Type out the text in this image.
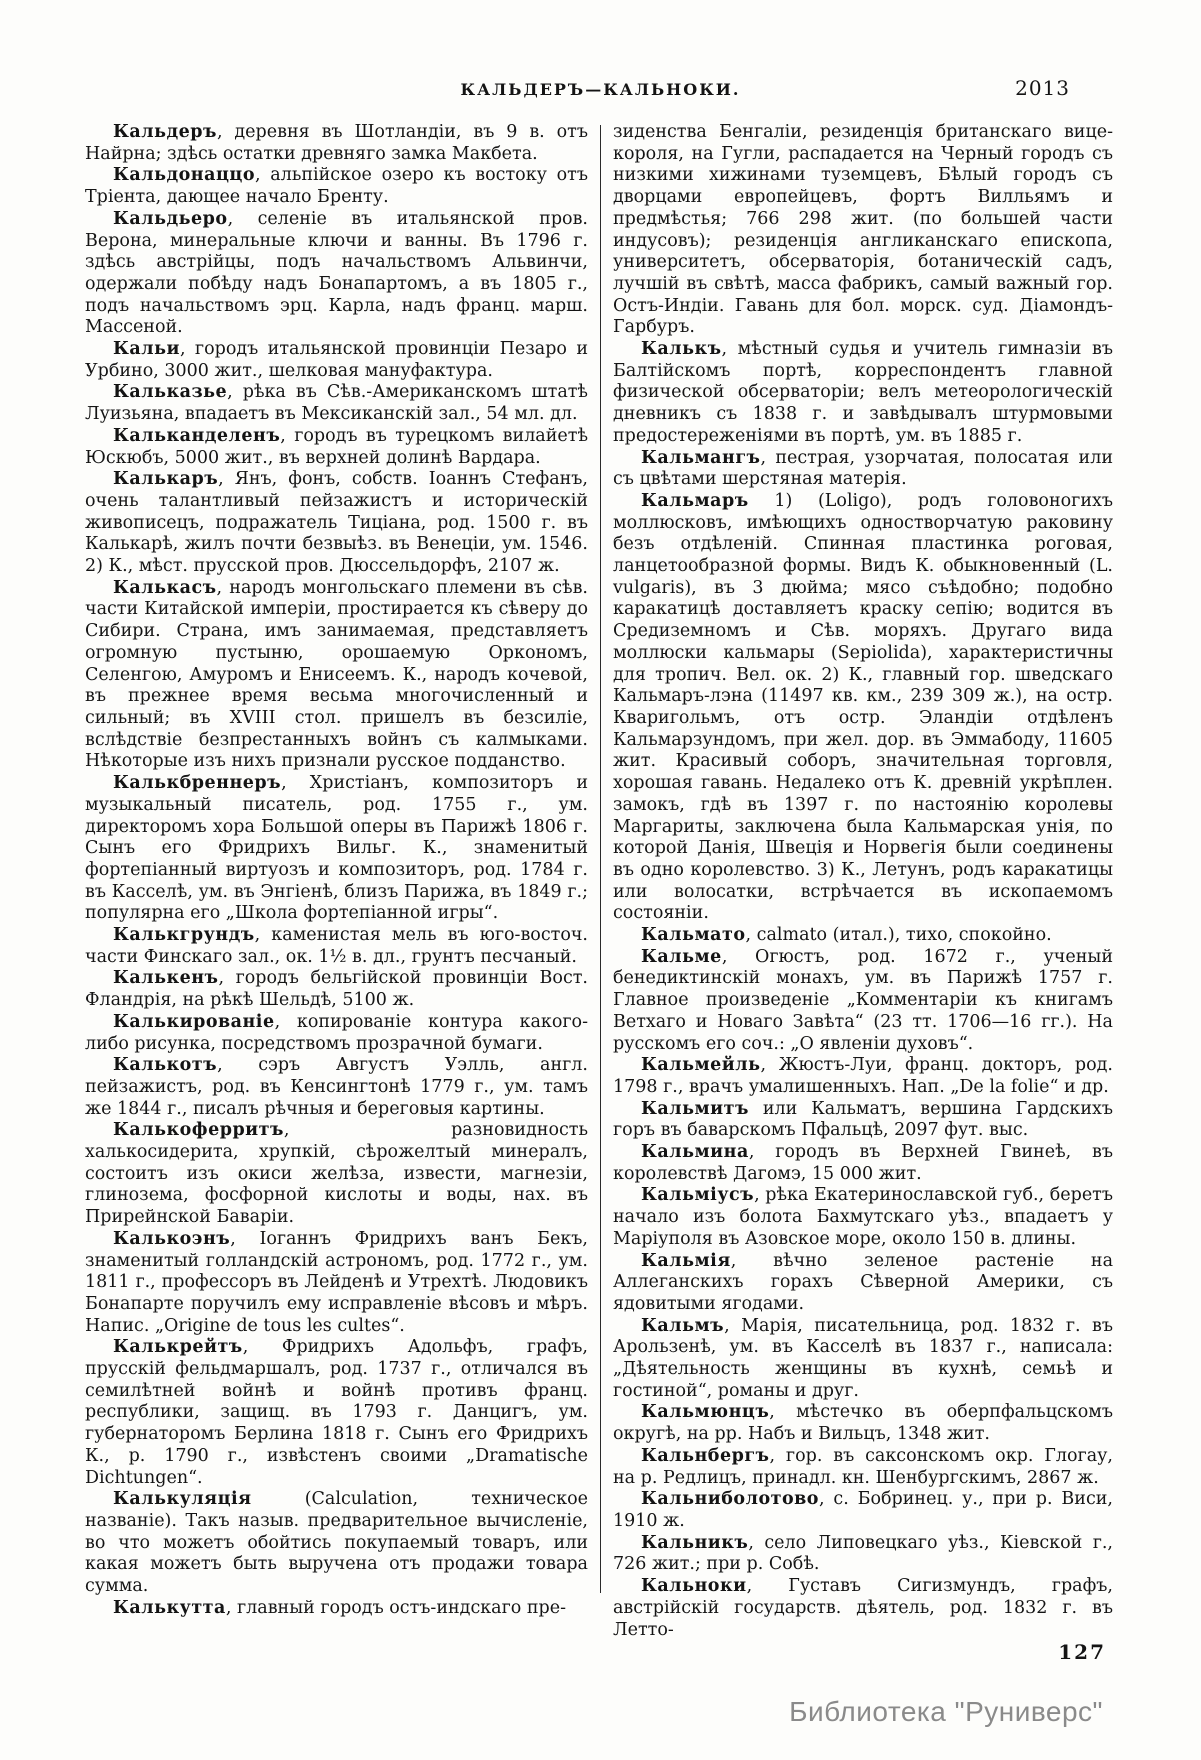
КАЛЬДЕРЪ—КАЛЬНОКИ.	2013

Кальдеръ, деревня въ Шотландіи, въ 9 в. отъ Найрна; здѣсь остатки древняго замка Макбета.

Кальдонаццо, альпійское озеро къ востоку отъ Тріента, дающее начало Бренту.

Кальдьеро, селеніе въ итальянской пров. Верона, минеральные ключи и ванны. Въ 1796 г. здѣсь австрійцы, подъ начальствомъ Альвинчи, одержали побѣду надъ Бонапартомъ, а въ 1805 г., подъ начальствомъ эрц. Карла, надъ франц. марш. Массеной.

Кальи, городъ итальянской провинціи Пезаро и Урбино, 3000 жит., шелковая мануфактура.

Кальказье, рѣка въ Сѣв.-Американскомъ штатѣ Луизьяна, впадаетъ въ Мексиканскій зал., 54 мл. дл.

Кальканделенъ, городъ въ турецкомъ вилайетѣ Юскюбъ, 5000 жит., въ верхней долинѣ Вардара.

Калькаръ, Янъ, фонъ, собств. Іоаннъ Стефанъ, очень талантливый пейзажистъ и историческій живописецъ, подражатель Тиціана, род. 1500 г. въ Калькарѣ, жилъ почти безвыѣз. въ Венеціи, ум. 1546. 2) К., мѣст. прусской пров. Дюссельдорфъ, 2107 ж.

Калькасъ, народъ монгольскаго племени въ сѣв. части Китайской имперіи, простирается къ сѣверу до Сибири. Страна, имъ занимаемая, представляетъ огромную пустыню, орошаемую Оркономъ, Селенгою, Амуромъ и Енисеемъ. К., народъ кочевой, въ прежнее время весьма многочисленный и сильный; въ XVIII стол. пришелъ въ безсиліе, вслѣдствіе безпрестанныхъ войнъ съ калмыками. Нѣкоторые изъ нихъ признали русское подданство.

Калькбреннеръ, Христіанъ, композиторъ и музыкальный писатель, род. 1755 г., ум. директоромъ хора Большой оперы въ Парижѣ 1806 г. Сынъ его Фридрихъ Вильг. К., знаменитый фортепіанный виртуозъ и композиторъ, род. 1784 г. въ Касселѣ, ум. въ Энгіенѣ, близъ Парижа, въ 1849 г.; популярна его „Школа фортепіанной игры“.

Калькгрундъ, каменистая мель въ юго-восточ. части Финскаго зал., ок. 1½ в. дл., грунтъ песчаный.

Калькенъ, городъ бельгійской провинціи Вост. Фландрія, на рѣкѣ Шельдѣ, 5100 ж.

Калькированіе, копированіе контура какого-либо рисунка, посредствомъ прозрачной бумаги.

Калькотъ, сэръ Августъ Уэлль, англ. пейзажистъ, род. въ Кенсингтонѣ 1779 г., ум. тамъ же 1844 г., писалъ рѣчныя и береговыя картины.

Калькоферритъ, разновидность халькосидерита, хрупкій, сѣрожелтый минералъ, состоитъ изъ окиси желѣза, извести, магнезіи, глинозема, фосфорной кислоты и воды, нах. въ Прирейнской Баваріи.

Калькоэнъ, Іоганнъ Фридрихъ ванъ Бекъ, знаменитый голландскій астрономъ, род. 1772 г., ум. 1811 г., профессоръ въ Лейденѣ и Утрехтѣ. Людовикъ Бонапарте поручилъ ему исправленіе вѣсовъ и мѣръ. Напис. „Origine de tous les cultes“.

Калькрейтъ, Фридрихъ Адольфъ, графъ, прусскій фельдмаршалъ, род. 1737 г., отличался въ семилѣтней войнѣ и войнѣ противъ франц. республики, защищ. въ 1793 г. Данцигъ, ум. губернаторомъ Берлина 1818 г. Сынъ его Фридрихъ К., р. 1790 г., извѣстенъ своими „Dramatische Dichtungen“.

Калькуляція (Calculation, техническое названіе). Такъ назыв. предварительное вычисленіе, во что можетъ обойтись покупаемый товаръ, или какая можетъ быть выручена отъ продажи товара сумма.

Калькутта, главный городъ остъ-индскаго пре-

зиденства Бенгаліи, резиденція британскаго вице-короля, на Гугли, распадается на Черный городъ съ низкими хижинами туземцевъ, Бѣлый городъ съ дворцами европейцевъ, фортъ Вилльямъ и предмѣстья; 766 298 жит. (по большей части индусовъ); резиденція англиканскаго епископа, университетъ, обсерваторія, ботаническій садъ, лучшій въ свѣтѣ, масса фабрикъ, самый важный гор. Остъ-Индіи. Гавань для бол. морск. суд. Діамондъ-Гарбуръ.

Калькъ, мѣстный судья и учитель гимназіи въ Балтійскомъ портѣ, корреспондентъ главной физической обсерваторіи; велъ метеорологическій дневникъ съ 1838 г. и завѣдывалъ штурмовыми предостереженіями въ портѣ, ум. въ 1885 г.

Кальмангъ, пестрая, узорчатая, полосатая или съ цвѣтами шерстяная матерія.

Кальмаръ 1) (Loligo), родъ головоногихъ моллюсковъ, имѣющихъ одностворчатую раковину безъ отдѣленій. Спинная пластинка роговая, ланцетообразной формы. Видъ К. обыкновенный (L. vulgaris), въ 3 дюйма; мясо съѣдобно; подобно каракатицѣ доставляетъ краску сепію; водится въ Средиземномъ и Сѣв. моряхъ. Другаго вида моллюски кальмары (Sepiolida), характеристичны для тропич. Вел. ок. 2) К., главный гор. шведскаго Кальмаръ-лэна (11497 кв. км., 239 309 ж.), на остр. Кваригольмъ, отъ остр. Эландіи отдѣленъ Кальмарзундомъ, при жел. дор. въ Эммабоду, 11605 жит. Красивый соборъ, значительная торговля, хорошая гавань. Недалеко отъ К. древній укрѣплен. замокъ, гдѣ въ 1397 г. по настоянію королевы Маргариты, заключена была Кальмарская унія, по которой Данія, Швеція и Норвегія были соединены въ одно королевство. 3) К., Летунъ, родъ каракатицы или волосатки, встрѣчается въ ископаемомъ состояніи.

Кальмато, calmato (итал.), тихо, спокойно.

Кальме, Огюстъ, род. 1672 г., ученый бенедиктинскій монахъ, ум. въ Парижѣ 1757 г. Главное произведеніе „Комментаріи къ книгамъ Ветхаго и Новаго Завѣта“ (23 тт. 1706—16 гг.). На русскомъ его соч.: „О явленіи духовъ“.

Кальмейль, Жюстъ-Луи, франц. докторъ, род. 1798 г., врачъ умалишенныхъ. Нап. „De la folie“ и др.

Кальмитъ или Кальматъ, вершина Гардскихъ горъ въ баварскомъ Пфальцѣ, 2097 фут. выс.

Кальмина, городъ въ Верхней Гвинеѣ, въ королевствѣ Дагомэ, 15 000 жит.

Кальміусъ, рѣка Екатеринославской губ., беретъ начало изъ болота Бахмутскаго уѣз., впадаетъ у Маріуполя въ Азовское море, около 150 в. длины.

Кальмія, вѣчно зеленое растеніе на Аллеганскихъ горахъ Сѣверной Америки, съ ядовитыми ягодами.

Кальмъ, Марія, писательница, род. 1832 г. въ Арользенѣ, ум. въ Касселѣ въ 1837 г., написала: „Дѣятельность женщины въ кухнѣ, семьѣ и гостиной“, романы и друг.

Кальмюнцъ, мѣстечко въ оберпфальцскомъ округѣ, на рр. Набъ и Вильцъ, 1348 жит.

Кальнбергъ, гор. въ саксонскомъ окр. Глогау, на р. Редлицъ, принадл. кн. Шенбургскимъ, 2867 ж.

Кальниболотово, с. Бобринец. у., при р. Виси, 1910 ж.

Кальникъ, село Липовецкаго уѣз., Кіевской г., 726 жит.; при р. Собѣ.

Кальноки, Густавъ Сигизмундъ, графъ, австрійскій государств. дѣятель, род. 1832 г. въ Летто-

127
Библиотека "Руниверс"
